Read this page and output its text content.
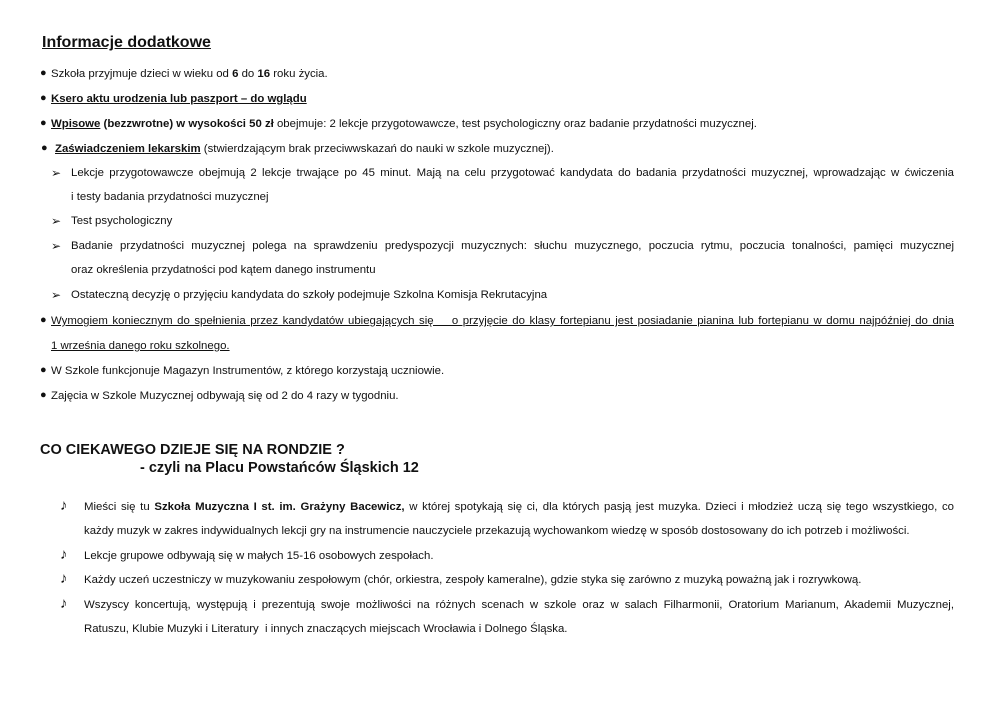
Informacje dodatkowe
● Szkoła przyjmuje dzieci w wieku od 6 do 16 roku życia.
● Ksero aktu urodzenia lub paszport – do wglądu
● Wpisowe (bezzwrotne) w wysokości 50 zł obejmuje: 2 lekcje przygotowawcze, test psychologiczny oraz badanie przydatności muzycznej.
● Zaświadczeniem lekarskim (stwierdzającym brak przeciwwskazań do nauki w szkole muzycznej).
➢ Lekcje przygotowawcze obejmują 2 lekcje trwające po 45 minut. Mają na celu przygotować kandydata do badania przydatności muzycznej, wprowadzając w ćwiczenia
i testy badania przydatności muzycznej
➢ Test psychologiczny
➢ Badanie przydatności muzycznej polega na sprawdzeniu predyspozycji muzycznych: słuchu muzycznego, poczucia rytmu, poczucia tonalności, pamięci muzycznej
oraz określenia przydatności pod kątem danego instrumentu
➢ Ostateczną decyzję o przyjęciu kandydata do szkoły podejmuje Szkolna Komisja Rekrutacyjna
● Wymogiem koniecznym do spełnienia przez kandydatów ubiegających się    o przyjęcie do klasy fortepianu jest posiadanie pianina lub fortepianu w domu najpóźniej do dnia
1 września danego roku szkolnego.
● W Szkole funkcjonuje Magazyn Instrumentów, z którego korzystają uczniowie.
● Zajęcia w Szkole Muzycznej odbywają się od 2 do 4 razy w tygodniu.
CO CIEKAWEGO DZIEJE SIĘ NA RONDZIE ?
- czyli na Placu Powstańców Śląskich 12
♪ Mieści się tu Szkoła Muzyczna I st. im. Grażyny Bacewicz, w której spotykają się ci, dla których pasją jest muzyka. Dzieci i młodzież uczą się tego wszystkiego, co
każdy muzyk w zakres indywidualnych lekcji gry na instrumencie nauczyciele przekazują wychowankom wiedzę w sposób dostosowany do ich potrzeb i możliwości.
♪ Lekcje grupowe odbywają się w małych 15-16 osobowych zespołach.
♪ Każdy uczeń uczestniczy w muzykowaniu zespołowym (chór, orkiestra, zespoły kameralne), gdzie styka się zarówno z muzyką poważną jak i rozrywkową.
♪ Wszyscy koncertują, występują i prezentują swoje możliwości na różnych scenach w szkole oraz w salach Filharmonii, Oratorium Marianum, Akademii Muzycznej,
Ratuszu, Klubie Muzyki i Literatury  i innych znaczących miejscach Wrocławia i Dolnego Śląska.
